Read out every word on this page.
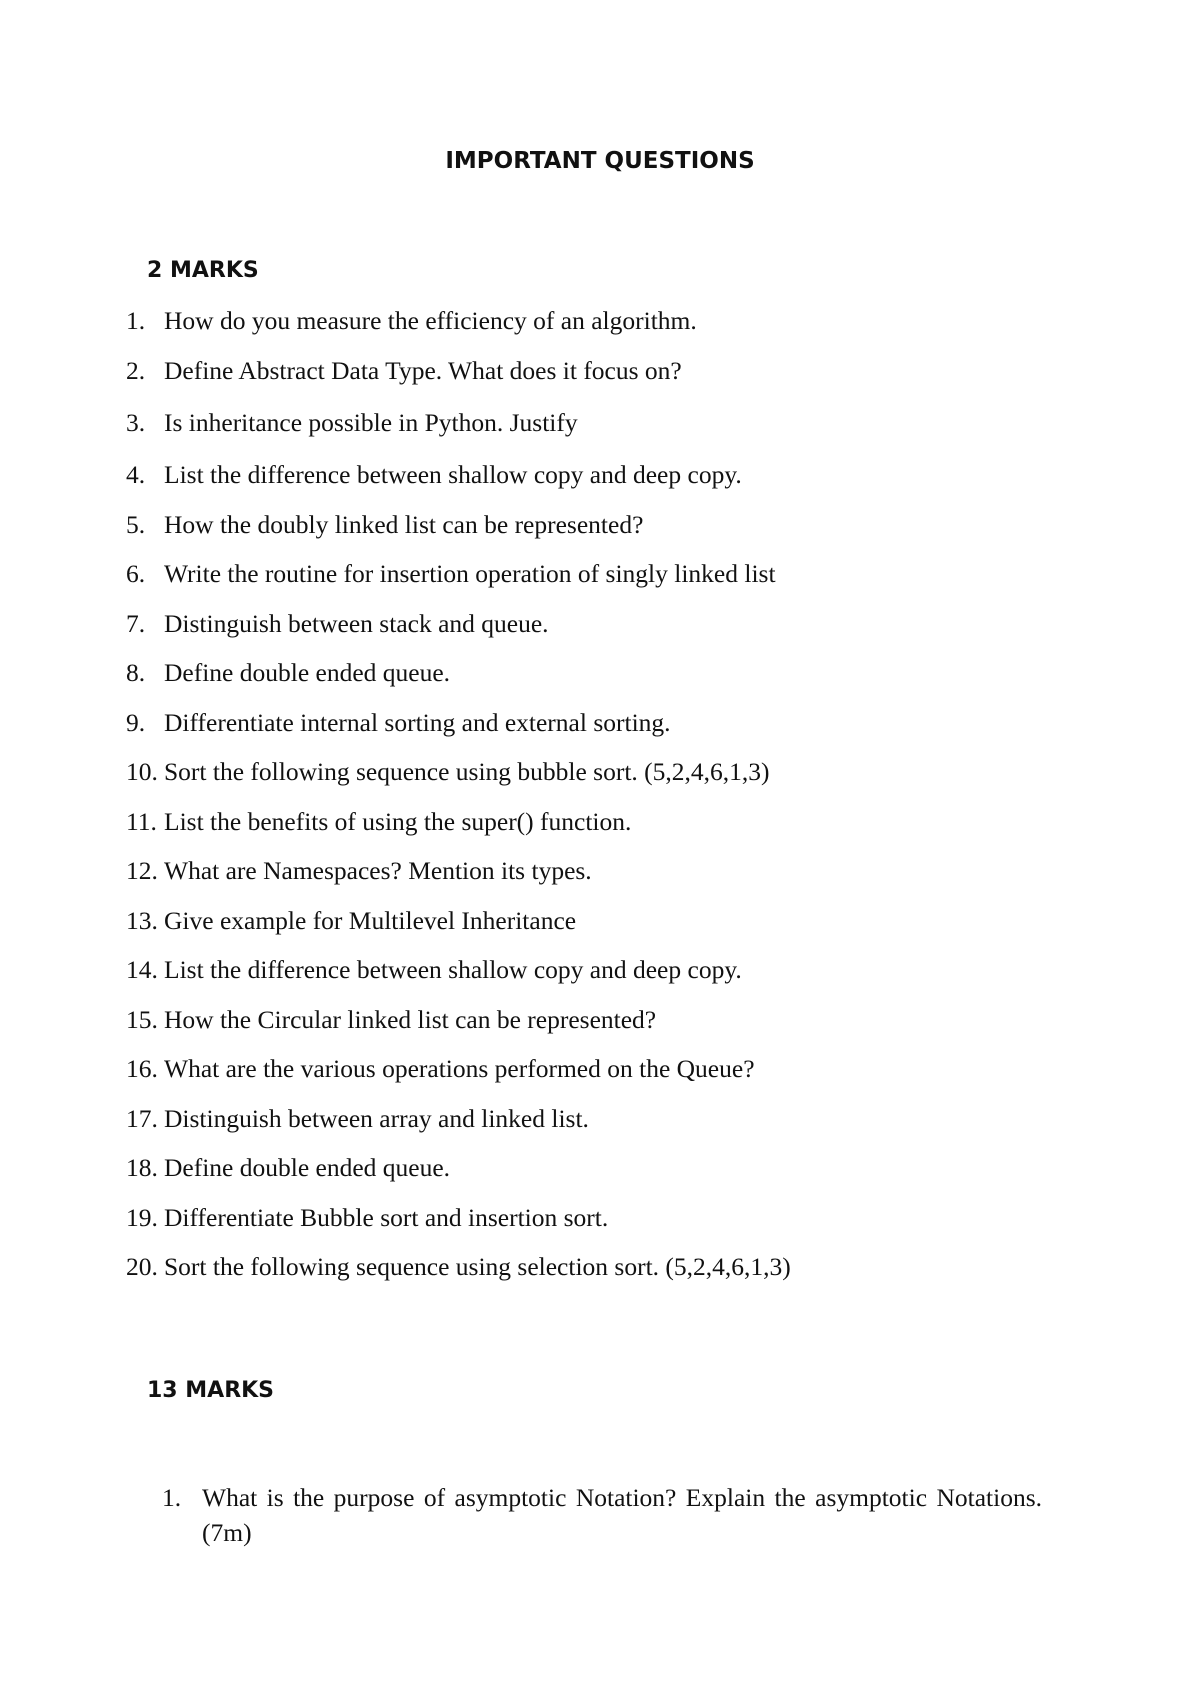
IMPORTANT QUESTIONS
2 MARKS
1. How do you measure the efficiency of an algorithm.
2. Define Abstract Data Type. What does it focus on?
3. Is inheritance possible in Python. Justify
4. List the difference between shallow copy and deep copy.
5. How the doubly linked list can be represented?
6. Write the routine for insertion operation of singly linked list
7. Distinguish between stack and queue.
8. Define double ended queue.
9. Differentiate internal sorting and external sorting.
10. Sort the following sequence using bubble sort. (5,2,4,6,1,3)
11. List the benefits of using the super() function.
12. What are Namespaces? Mention its types.
13. Give example for Multilevel Inheritance
14. List the difference between shallow copy and deep copy.
15. How the Circular linked list can be represented?
16. What are the various operations performed on the Queue?
17. Distinguish between array and linked list.
18. Define double ended queue.
19. Differentiate Bubble sort and insertion sort.
20. Sort the following sequence using selection sort. (5,2,4,6,1,3)
13 MARKS
1. What is the purpose of asymptotic Notation? Explain the asymptotic Notations.(7m)
